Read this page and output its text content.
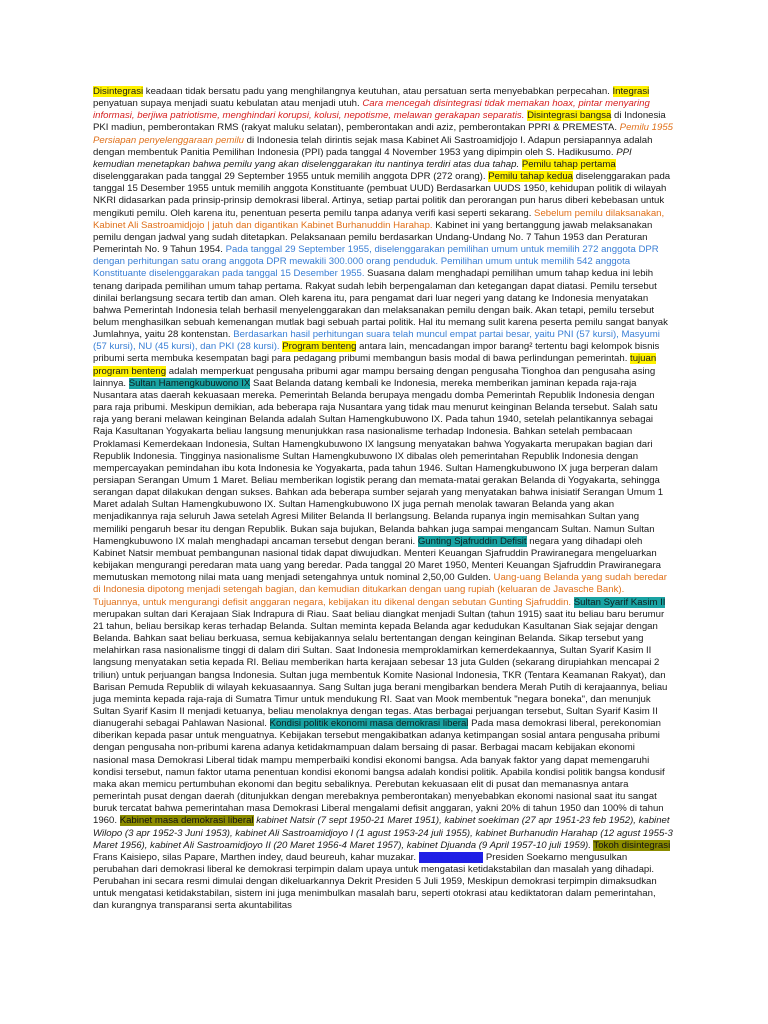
Disintegrasi keadaan tidak bersatu padu yang menghilangnya keutuhan, atau persatuan serta menyebabkan perpecahan. Integrasi penyatuan supaya menjadi suatu kebulatan atau menjadi utuh. Cara mencegah disintegrasi tidak memakan hoax, pintar menyaring informasi, berjiwa patriotisme, menghindari korupsi, kolusi, nepotisme, melawan gerakapan separatis. Disintegrasi bangsa di Indonesia PKI madiun, pemberontakan RMS (rakyat maluku selatan), pemberontakan andi aziz, pemberontakan PPRI & PREMESTA. Pemilu 1955 Persiapan penyelenggaraan pemilu di Indonesia telah dirintis sejak masa Kabinet Ali Sastroamidjojo I. Adapun persiapannya adalah dengan membentuk Panitia Pemilihan Indonesia (PPI) pada tanggal 4 November 1953 yang dipimpin oleh S. Hadikusumo. PPI kemudian menetapkan bahwa pemilu yang akan diselenggarakan itu nantinya terdiri atas dua tahap. Pemilu tahap pertama diselenggarakan pada tanggal 29 September 1955 untuk memilih anggota DPR (272 orang). Pemilu tahap kedua diselenggarakan pada tanggal 15 Desember 1955 untuk memilih anggota Konstituante (pembuat UUD) Berdasarkan UUDS 1950, kehidupan politik di wilayah NKRI didasarkan pada prinsip-prinsip demokrasi liberal. Artinya, setiap partai politik dan perorangan pun harus diberi kebebasan untuk mengikuti pemilu. Oleh karena itu, penentuan peserta pemilu tanpa adanya verifi kasi seperti sekarang. Sebelum pemilu dilaksanakan, Kabinet Ali Sastroamidjojo | jatuh dan digantikan Kabinet Burhanuddin Harahap. Kabinet ini yang bertanggung jawab melaksanakan pemilu dengan jadwal yang sudah ditetapkan. Pelaksanaan pemilu berdasarkan Undang-Undang No. 7 Tahun 1953 dan Peraturan Pemerintah No. 9 Tahun 1954. Pada tanggal 29 September 1955, diselenggarakan pemilihan umum untuk memilih 272 anggota DPR dengan perhitungan satu orang anggota DPR mewakili 300.000 orang penduduk. Pemilihan umum untuk memilih 542 anggota Konstituante diselenggarakan pada tanggal 15 Desember 1955. Suasana dalam menghadapi pemilihan umum tahap kedua ini lebih tenang daripada pemilihan umum tahap pertama. Rakyat sudah lebih berpengalaman dan ketegangan dapat diatasi. Pemilu tersebut dinilai berlangsung secara tertib dan aman. Oleh karena itu, para pengamat dari luar negeri yang datang ke Indonesia menyatakan bahwa Pemerintah Indonesia telah berhasil menyelenggarakan dan melaksanakan pemilu dengan baik. Akan tetapi, pemilu tersebut belum menghasilkan sebuah kemenangan mutlak bagi sebuah partai politik. Hal itu memang sulit karena peserta pemilu sangat banyak Jumlahnya, yaitu 28 kontenstan. Berdasarkan hasil perhitungan suara telah muncul empat partai besar, yaitu PNI (57 kursi), Masyumi (57 kursi), NU (45 kursi), dan PKI (28 kursi). Program benteng antara lain, mencadangan impor barang² tertentu bagi kelompok bisnis pribumi serta membuka kesempatan bagi para pedagang pribumi membangun basis modal di bawa perlindungan pemerintah. tujuan program benteng adalah memperkuat pengusaha pribumi agar mampu bersaing dengan pengusaha Tionghoa dan pengusaha asing lainnya. Sultan Hamengkubuwono IX Saat Belanda datang kembali ke Indonesia, mereka memberikan jaminan kepada raja-raja Nusantara atas daerah kekuasaan mereka. Pemerintah Belanda berupaya mengadu domba Pemerintah Republik Indonesia dengan para raja pribumi. Meskipun demikian, ada beberapa raja Nusantara yang tidak mau menurut keinginan Belanda tersebut. Salah satu raja yang berani melawan keinginan Belanda adalah Sultan Hamengkubuwono IX. Pada tahun 1940, setelah pelantikannya sebagai Raja Kasultanan Yogyakarta beliau langsung menunjukkan rasa nasionalisme terhadap Indonesia. Bahkan setelah pembacaan Proklamasi Kemerdekaan Indonesia, Sultan Hamengkubuwono IX langsung menyatakan bahwa Yogyakarta merupakan bagian dari Republik Indonesia. Tingginya nasionalisme Sultan Hamengkubuwono IX dibalas oleh pemerintahan Republik Indonesia dengan mempercayakan pemindahan ibu kota Indonesia ke Yogyakarta, pada tahun 1946. Sultan Hamengkubuwono IX juga berperan dalam persiapan Serangan Umum 1 Maret. Beliau memberikan logistik perang dan memata-matai gerakan Belanda di Yogyakarta, sehingga serangan dapat dilakukan dengan sukses. Bahkan ada beberapa sumber sejarah yang menyatakan bahwa inisiatif Serangan Umum 1 Maret adalah Sultan Hamengkubuwono IX. Sultan Hamengkubuwono IX juga pernah menolak tawaran Belanda yang akan menjadikannya raja seluruh Jawa setelah Agresi Militer Belanda II berlangsung. Belanda rupanya ingin memisahkan Sultan yang memiliki pengaruh besar itu dengan Republik. Bukan saja bujukan, Belanda bahkan juga sampai mengancam Sultan. Namun Sultan Hamengkubuwono IX malah menghadapi ancaman tersebut dengan berani. Gunting Sjafruddin Defisit negara yang dihadapi oleh Kabinet Natsir membuat pembangunan nasional tidak dapat diwujudkan. Menteri Keuangan Sjafruddin Prawiranegara mengeluarkan kebijakan mengurangi peredaran mata uang yang beredar. Pada tanggal 20 Maret 1950, Menteri Keuangan Sjafruddin Prawiranegara memutuskan memotong nilai mata uang menjadi setengahnya untuk nominal 2,50,00 Gulden. Uang-uang Belanda yang sudah beredar di Indonesia dipotong menjadi setengah bagian, dan kemudian ditukarkan dengan uang rupiah (keluaran de Javasche Bank). Tujuannya, untuk mengurangi defisit anggaran negara, kebijakan itu dikenal dengan sebutan Gunting Sjafruddin. Sultan Syarif Kasim II merupakan sultan dari Kerajaan Siak Indrapura di Riau. Saat beliau diangkat menjadi Sultan (tahun 1915) saat itu beliau baru berumur 21 tahun, beliau bersikap keras terhadap Belanda. Sultan meminta kepada Belanda agar kedudukan Kasultanan Siak sejajar dengan Belanda. Bahkan saat beliau berkuasa, semua kebijakannya selalu bertentangan dengan keinginan Belanda. Sikap tersebut yang melahirkan rasa nasionalisme tinggi di dalam diri Sultan. Saat Indonesia memproklamirkan kemerdekaannya, Sultan Syarif Kasim II langsung menyatakan setia kepada RI. Beliau memberikan harta kerajaan sebesar 13 juta Gulden (sekarang dirupiahkan mencapai 2 triliun) untuk perjuangan bangsa Indonesia. Sultan juga membentuk Komite Nasional Indonesia, TKR (Tentara Keamanan Rakyat), dan Barisan Pemuda Republik di wilayah kekuasaannya. Sang Sultan juga berani mengibarkan bendera Merah Putih di kerajaannya, beliau juga meminta kepada raja-raja di Sumatra Timur untuk mendukung RI. Saat van Mook membentuk "negara boneka", dan menunjuk Sultan Syarif Kasim II menjadi ketuanya, beliau menolaknya dengan tegas. Atas berbagai perjuangan tersebut, Sultan Syarif Kasim II dianugerahi sebagai Pahlawan Nasional. Kondisi politik ekonomi masa demokrasi liberal Pada masa demokrasi liberal, perekonomian diberikan kepada pasar untuk menguatnya. Kebijakan tersebut mengakibatkan adanya ketimpangan sosial antara pengusaha pribumi dengan pengusaha non-pribumi karena adanya ketidakmampuan dalam bersaing di pasar. Berbagai macam kebijakan ekonomi nasional masa Demokrasi Liberal tidak mampu memperbaiki kondisi ekonomi bangsa. Ada banyak faktor yang dapat memengaruhi kondisi tersebut, namun faktor utama penentuan kondisi ekonomi bangsa adalah kondisi politik. Apabila kondisi politik bangsa kondusif maka akan memicu pertumbuhan ekonomi dan begitu sebaliknya. Perebutan kekuasaan elit di pusat dan memanasnya antara pemerintah pusat dengan daerah (ditunjukkan dengan merebaknya pemberontakan) menyebabkan ekonomi nasional saat itu sangat buruk tercatat bahwa pemerintahan masa Demokrasi Liberal mengalami defisit anggaran, yakni 20% di tahun 1950 dan 100% di tahun 1960. Kabinet masa demokrasi liberal kabinet Natsir (7 sept 1950-21 Maret 1951), kabinet soekiman (27 apr 1951-23 feb 1952), kabinet Wilopo (3 apr 1952-3 Juni 1953), kabinet Ali Sastroamidjoyo I (1 agust 1953-24 juli 1955), kabinet Burhanudin Harahap (12 agust 1955-3 Maret 1956), kabinet Ali Sastroamidjoyo II (20 Maret 1956-4 Maret 1957), kabinet Djuanda (9 April 1957-10 juli 1959). Tokoh disintegrasi Frans Kaisiepo, silas Papare, Marthen indey, daud beureuh, kahar muzakar. Dekrit presiden Presiden Soekarno mengusulkan perubahan dari demokrasi liberal ke demokrasi terpimpin dalam upaya untuk mengatasi ketidakstabilan dan masalah yang dihadapi. Perubahan ini secara resmi dimulai dengan dikeluarkannya Dekrit Presiden 5 Juli 1959, Meskipun demokrasi terpimpin dimaksudkan untuk mengatasi ketidakstabilan, sistem ini juga menimbulkan masalah baru, seperti otokrasi atau kediktatoran dalam pemerintahan, dan kurangnya transparansi serta akuntabilitas
